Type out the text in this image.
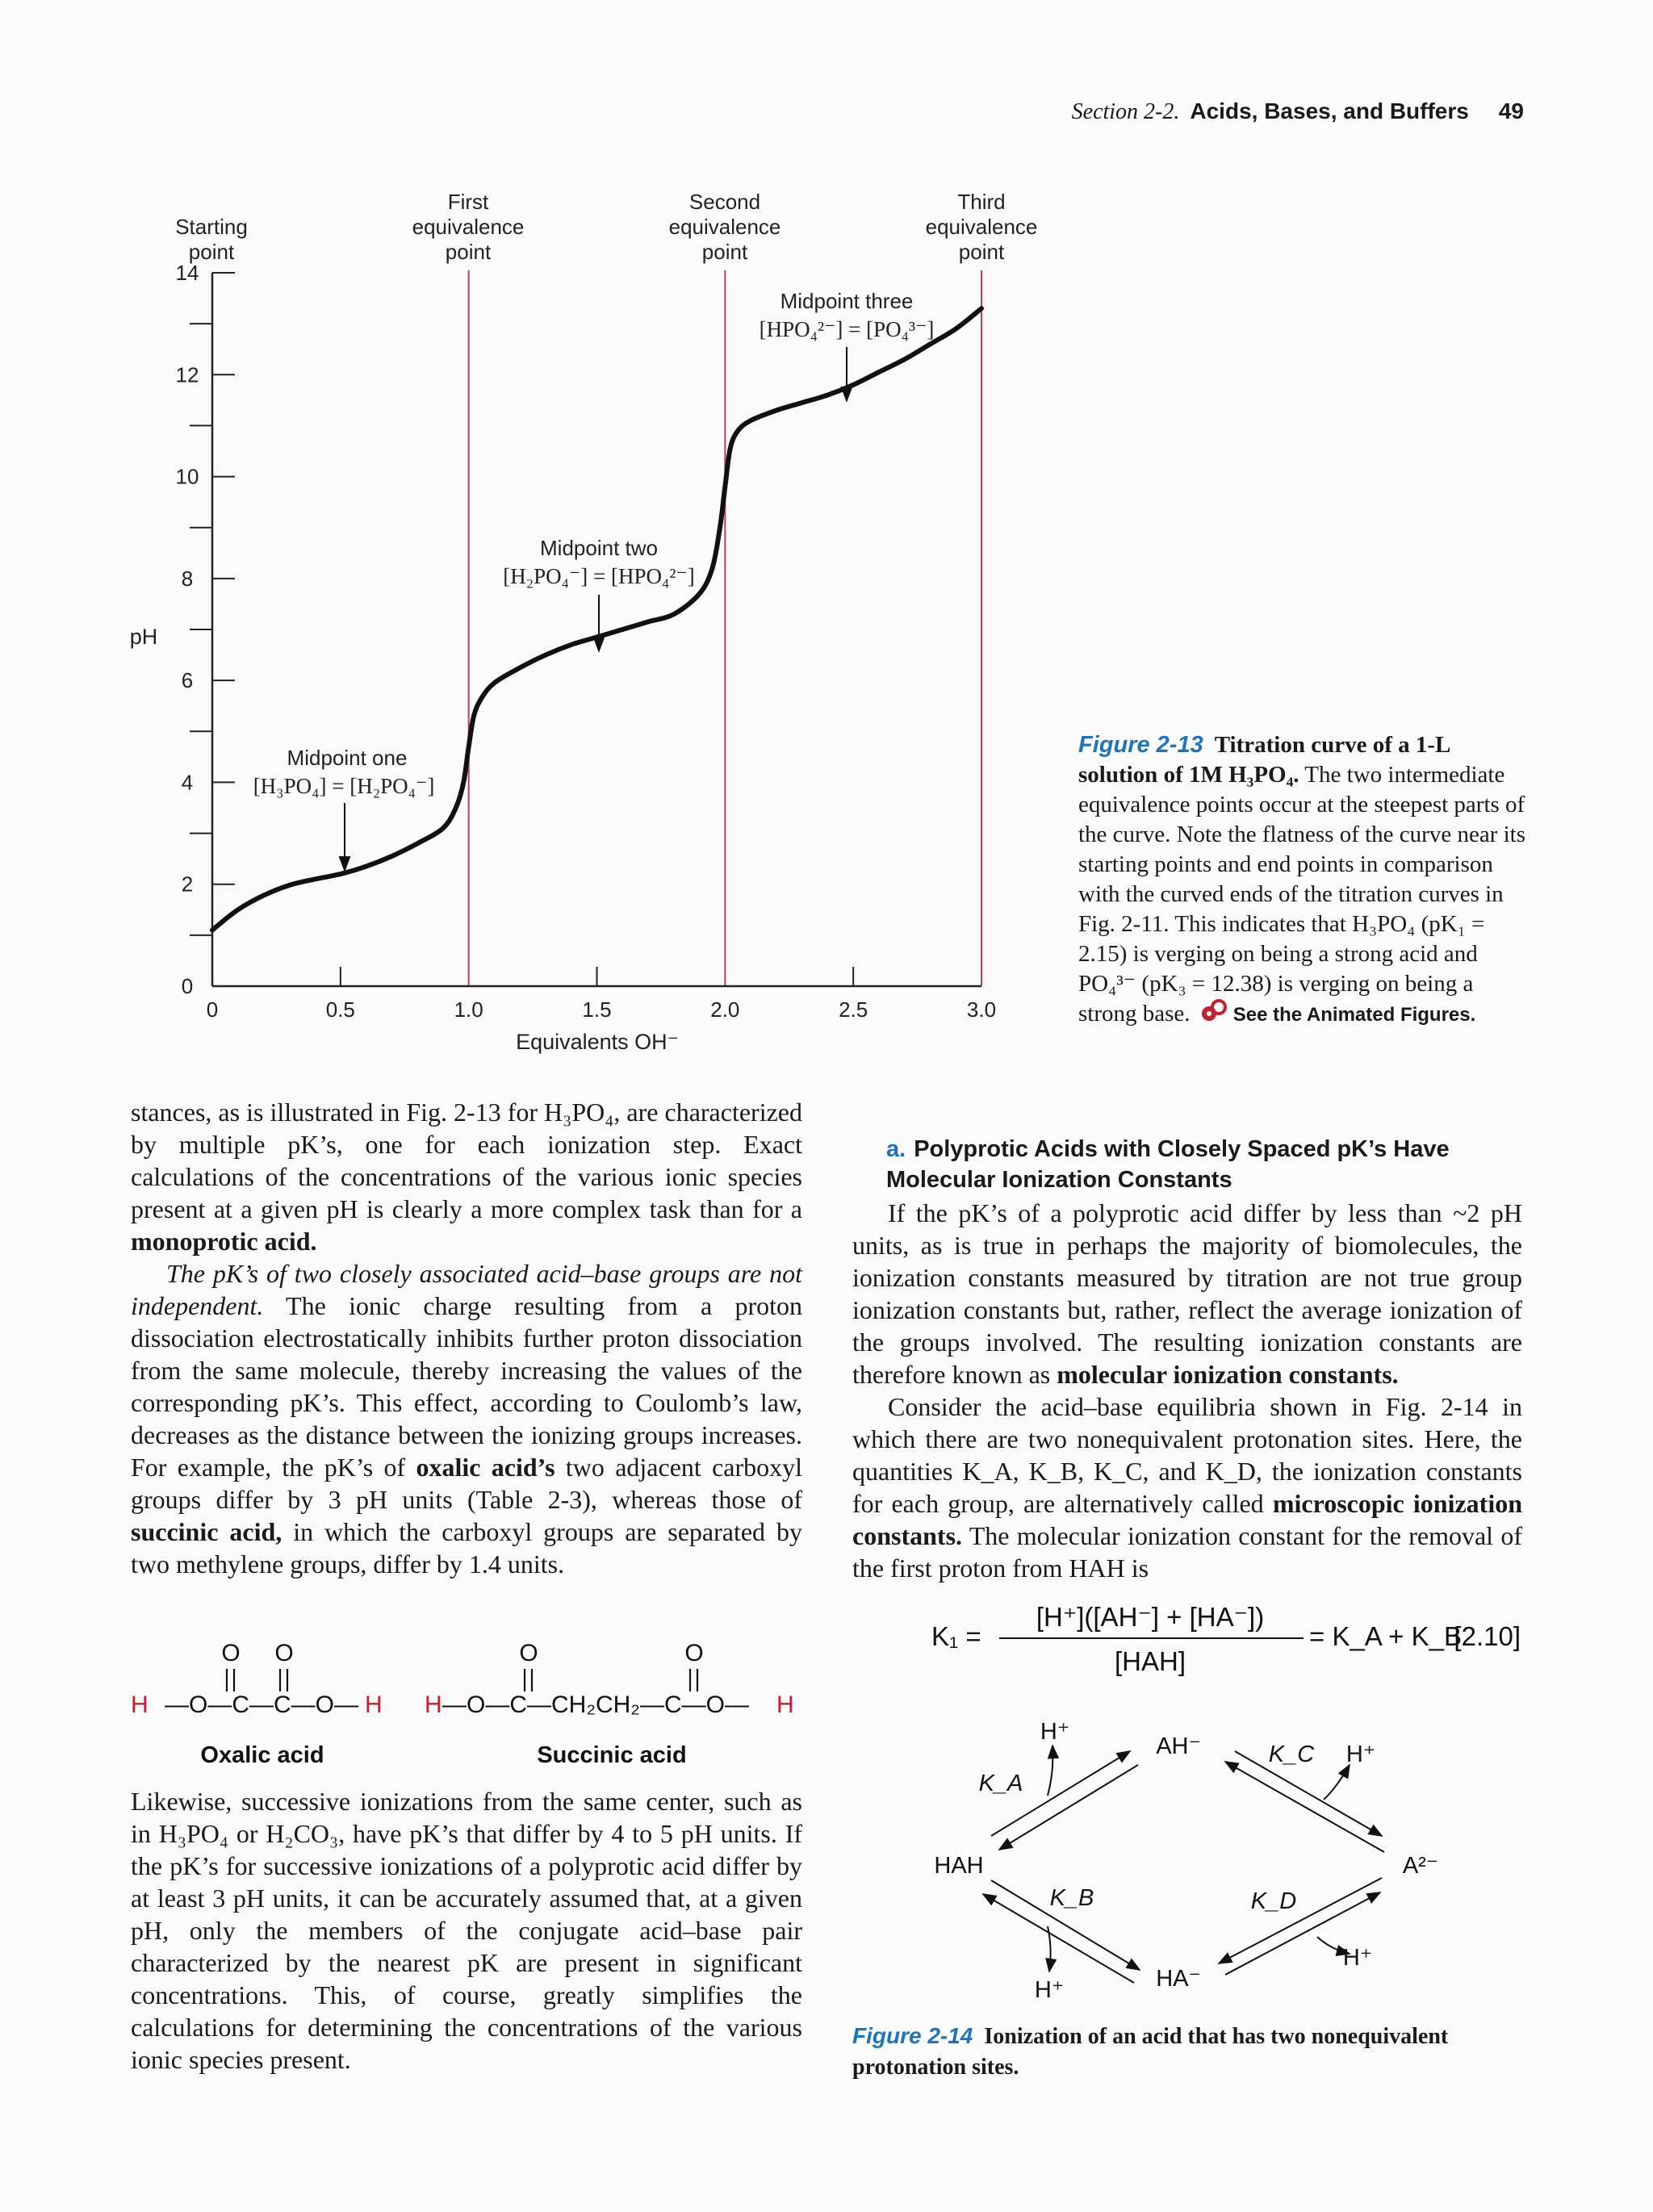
Section 2-2. Acids, Bases, and Buffers 49
0
2
4
6
8
10
12
14
0	0.5	1.0	1.5	2.0	2.5	3.0
Starting point
First equivalence point
Second equivalence point
Third equivalence point
Midpoint one
[H₃PO₄] = [H₂PO₄⁻]
Midpoint two
[H₂PO₄⁻] = [HPO₄²⁻]
Midpoint three
[HPO₄²⁻] = [PO₄³⁻]
pH
Equivalents OH⁻
Figure 2-13 Titration curve of a 1-L solution of 1M H₃PO₄. The two intermediate equivalence points occur at the steepest parts of the curve. Note the flatness of the curve near its starting points and end points in comparison with the curved ends of the titration curves in Fig. 2-11. This indicates that H₃PO₄ (pK₁ = 2.15) is verging on being a strong acid and PO₄³⁻ (pK₃ = 12.38) is verging on being a strong base. See the Animated Figures.

stances, as is illustrated in Fig. 2-13 for H₃PO₄, are characterized by multiple pK’s, one for each ionization step. Exact calculations of the concentrations of the various ionic species present at a given pH is clearly a more complex task than for a monoprotic acid.

The pK’s of two closely associated acid–base groups are not independent. The ionic charge resulting from a proton dissociation electrostatically inhibits further proton dissociation from the same molecule, thereby increasing the values of the corresponding pK’s. This effect, according to Coulomb’s law, decreases as the distance between the ionizing groups increases. For example, the pK’s of oxalic acid’s two adjacent carboxyl groups differ by 3 pH units (Table 2-3), whereas those of succinic acid, in which the carboxyl groups are separated by two methylene groups, differ by 1.4 units.

O O
H —O—C—C—O— H
O	O
H —O—C—CH₂CH₂—C—O— H
Oxalic acid	Succinic acid

Likewise, successive ionizations from the same center, such as in H₃PO₄ or H₂CO₃, have pK’s that differ by 4 to 5 pH units. If the pK’s for successive ionizations of a polyprotic acid differ by at least 3 pH units, it can be accurately assumed that, at a given pH, only the members of the conjugate acid–base pair characterized by the nearest pK are present in significant concentrations. This, of course, greatly simplifies the calculations for determining the concentrations of the various ionic species present.

a. Polyprotic Acids with Closely Spaced pK’s Have Molecular Ionization Constants

If the pK’s of a polyprotic acid differ by less than ~2 pH units, as is true in perhaps the majority of biomolecules, the ionization constants measured by titration are not true group ionization constants but, rather, reflect the average ionization of the groups involved. The resulting ionization constants are therefore known as molecular ionization constants.

Consider the acid–base equilibria shown in Fig. 2-14 in which there are two nonequivalent protonation sites. Here, the quantities K_A, K_B, K_C, and K_D, the ionization constants for each group, are alternatively called microscopic ionization constants. The molecular ionization constant for the removal of the first proton from HAH is

K₁ =
[H⁺]([AH⁻] + [HA⁻])
[HAH]
= K_A + K_B
[2.10]
HAH
AH⁻
HA⁻
A²⁻
H⁺
H⁺
H⁺
H⁺
K_A
K_C
K_B	K_D
Figure 2-14 Ionization of an acid that has two nonequivalent protonation sites.
